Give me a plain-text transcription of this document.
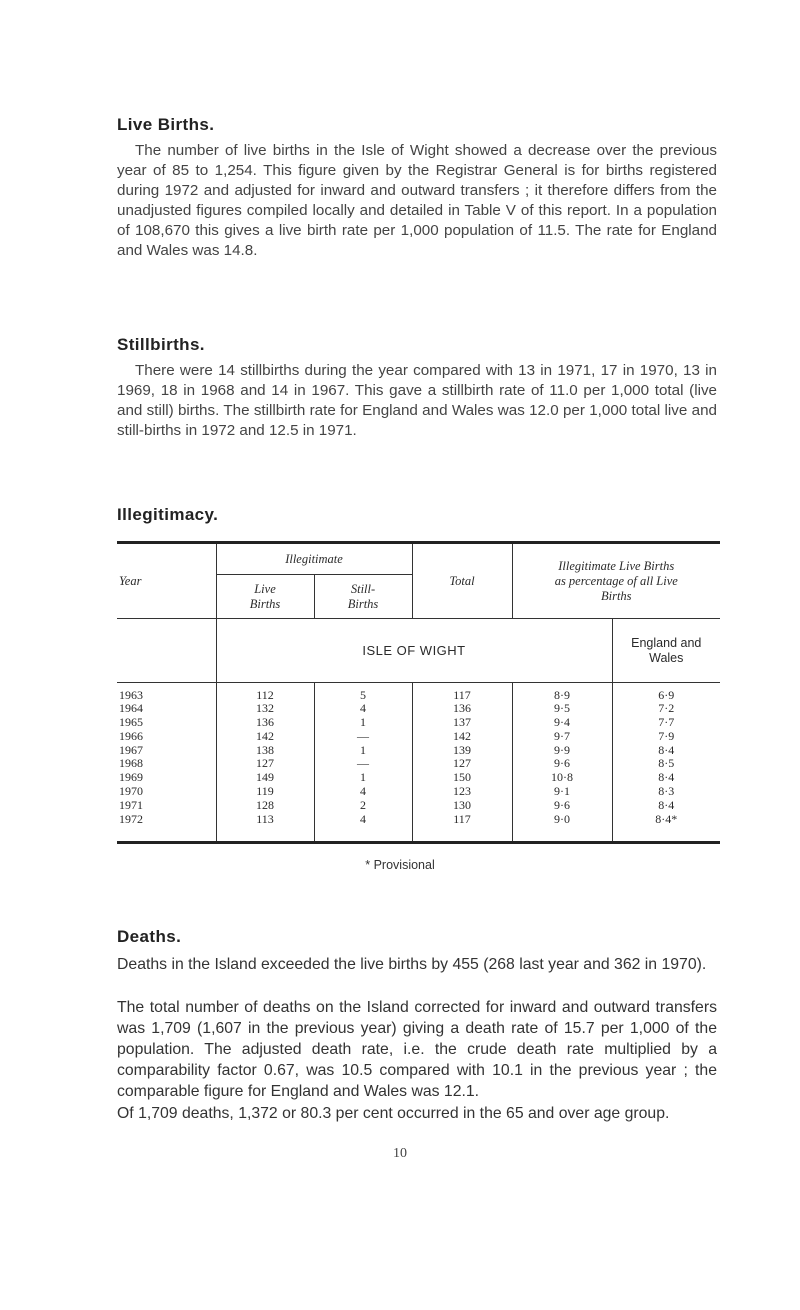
Live Births.

The number of live births in the Isle of Wight showed a decrease over the previous year of 85 to 1,254. This figure given by the Registrar General is for births registered during 1972 and adjusted for inward and outward transfers ; it therefore differs from the unadjusted figures compiled locally and detailed in Table V of this report. In a population of 108,670 this gives a live birth rate per 1,000 population of 11.5. The rate for England and Wales was 14.8.

Stillbirths.

There were 14 stillbirths during the year compared with 13 in 1971, 17 in 1970, 13 in 1969, 18 in 1968 and 14 in 1967. This gave a stillbirth rate of 11.0 per 1,000 total (live and still) births. The stillbirth rate for England and Wales was 12.0 per 1,000 total live and still-births in 1972 and 12.5 in 1971.

Illegitimacy.
Year	Illegitimate		Total	Illegitimate Live Births as percentage of all Live Births	
	Live Births	Still-Births			
	ISLE OF WIGHT				England and Wales

1963	112	5	117	8·9	6·9
1964	132	4	136	9·5	7·2
1965	136	1	137	9·4	7·7
1966	142	—	142	9·7	7·9
1967	138	1	139	9·9	8·4
1968	127	—	127	9·6	8·5
1969	149	1	150	10·8	8·4
1970	119	4	123	9·1	8·3
1971	128	2	130	9·6	8·4
1972	113	4	117	9·0	8·4*

* Provisional
Deaths.

Deaths in the Island exceeded the live births by 455 (268 last year and 362 in 1970).

The total number of deaths on the Island corrected for inward and outward transfers was 1,709 (1,607 in the previous year) giving a death rate of 15.7 per 1,000 of the population. The adjusted death rate, i.e. the crude death rate multiplied by a comparability factor 0.67, was 10.5 compared with 10.1 in the previous year ; the comparable figure for England and Wales was 12.1.

Of 1,709 deaths, 1,372 or 80.3 per cent occurred in the 65 and over age group.

10
